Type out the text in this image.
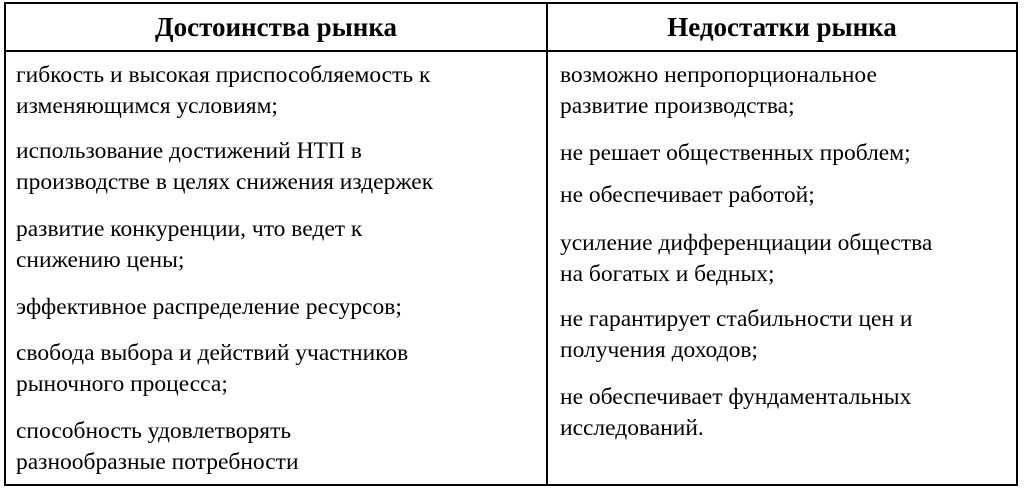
Достоинства рынка	Недостатки рынка
гибкость и высокая приспособляемость к
изменяющимся условиям;
использование достижений НТП в
производстве в целях снижения издержек
развитие конкуренции, что ведет к
снижению цены;
эффективное распределение ресурсов;
свобода выбора и действий участников
рыночного процесса;
способность удовлетворять
разнообразные потребности
возможно непропорциональное
развитие производства;
не решает общественных проблем;
не обеспечивает работой;
усиление дифференциации общества
на богатых и бедных;
не гарантирует стабильности цен и
получения доходов;
не обеспечивает фундаментальных
исследований.
